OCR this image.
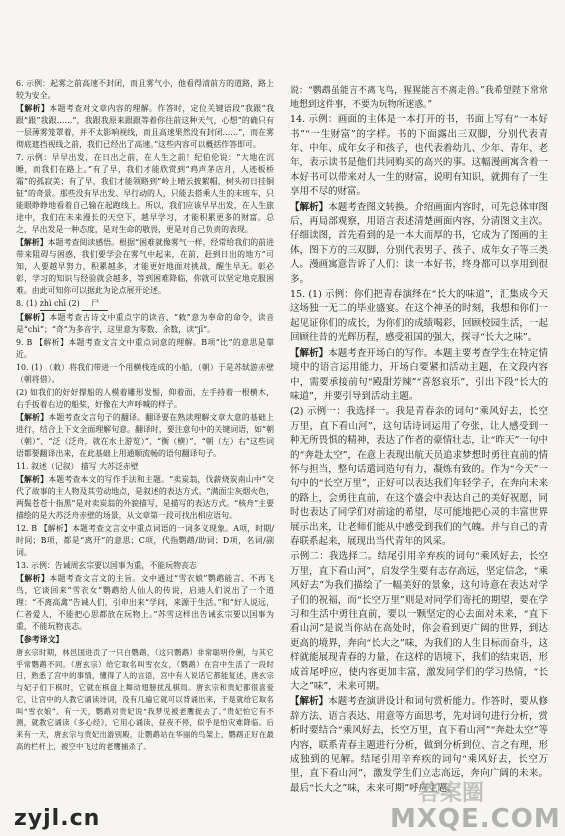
6. 示例：起雾之前高速不封闭，而且雾气小，他看得清前方的道路，路上较为安全。

【解析】本题考查对文章内容的理解。作答时，定位关键语段“我跟”我跟”跟”我跟……”，我跟我原来跟跟等着你往前这种天气，心想”的确只有一层薄雾笼罩着，并不太影响视线，而且高速果然没有封闭……”，而在雾彻底遮挡视线之前，我们已经出了高速。”这些内容可以概括作答即可。

7. 示例：早早出发，在日出之前，在人生之前！纪伯伦说：“大地在沉睡，而我们在路上。”有了早，我们才能欣赏到“鸡声茅店月，人迹板桥霜”的孤寂美；有了早，我们才能领略到“岭上晴云披絮帽，树头初日挂铜钲”的奇景。那些没有早出发、早行动的人，只能去搭乘人生的末班车，只能眼睁睁地看着自己输在起跑线上。所以，我们应该早早出发，在人生旅途中，我们在未来漫长的天空下，越早学习，才能积累更多的财富。总之，早出发是一种态度，是对生命的敬畏，更是对自己负责的表现。

【解析】本题考查阅读感悟。根据“困难就像雾气一样，经常给我们的前进带来阻碍与困惑，我们要学会在雾气中起来，在前，赶到日出的地方”可知，人要越早努力，积累越多，才能更好地面对挑战，醒生早无。彰必彰，学习的知识与经验就会越多，等到困难降临，你就可以坚定地克服困难。由此可知你可以据此为论点展开论述。

8. (1) zhì chī (2) 尸

【解析】本题考查古诗文中重点字的读音、“敕”意为奉命的命令，读音是“chì”；“奇”为多音字，这里意为零数、余数，读“jī”。

9. B 【解析】本题考查文言文中重点词意的理解。B项“比”的意思是靠近。

10. (1) （敕）将我们带进一个用横栈连成的小船，（朝）于是苏轼游赤壁（朝将借）。

(2) 如我们的好好撑船的人模着雕形发髻，仰着面，左手持着一根横木，右手扳着右边的船桨，好像在大声呼喊的样子。

【解析】本题考查文言句子的翻译。翻译要在熟读理解文章大意的基础上进行，结合上下文全面理解句意。翻译时，要注意句中的关键词语，如“朝（朝）”、“泛（泛舟，就在水上游览）”、“衡（横）”、“朝（左）右”这些词语都要翻译出来，在此基础上用通顺流畅的语句翻译句子。

11. 叙述（记叙） 描写 大苏泛赤壁

【解析】本题考查本文的写作手法和主题。“卖炭翁，伐薪烧炭南山中”交代了故事的主人物及其劳动地点，是叙述的表达方式。“满面尘灰烟火色，两鬓苍苍十指黑”是对卖炭翁的外貌描写，是描写的表达方式。“核舟”主要描绘的是大苏泛舟赤壁的场景，从文章第一段可找出相应语句。

12. B 【解析】本题考查文言文中重点词语的一词多义现象。A项，时期/时间；B项，都是“离开”的意思；C项，代指鹦鹉/助词；D项，名词/副词。

13. 示例：告诫周玄宗要以国事为重，不能玩物丧志

【解析】本题考查文言文的主旨。文中通过“雪衣娘”鹦鹉能言、不再飞鸟，它谈回来“雪衣女”鹦鹉给人仙人的传说，启迪人们说出了一个道理：“不离高禽”告诫人们，引申出来“学问，来源于生活。”和“好人说远，仁者爱人，不能把心思都放在玩物上。”苏雪这样出告诫玄宗要以国事为重，不能玩物丧志。

【参考译文】

唐玄宗时期，林邑国进贡了一只白鹦鹉，（这只鹦鹉）非常聪明伶俐，与其它乎常鹦鹉不同。（唐玄宗）给它取名叫雪衣女，（鹦鹉）在宫中生活了一段时日，熟悉了宫中的事情，懂得了人的言语，宫中有人说话它都能复述，唐玄宗与妃子们下棋时，它就在棋盘上舞动翅膀扰乱棋局。唐玄宗和贵妃都很喜爱它，让宫中的人教它诵读诗词，没有几遍它就可以背诵出来，于是就给它取名叫“雪衣娘”。有一天，鹦鹉对贵妃说“我梦见被老鹰捉去了。”贵妃怕它有不测，就教它诵读《多心经》，它用心诵读，昼夜不停，似乎是怕灾难降临。后来有一天，唐玄宗与贵妃出游别殿，让鹦鹉站在华丽的鸟架上，鹦鹉正好在最高的栏杆上，被空中飞过的老鹰捕杀了。

说：“鹦鹉虽能言不离飞鸟，猩猩能言不离走兽。”我希望陛下常常地想到这件事，不要为玩物所迷惑。”

14. 示例：画面的主体是一本打开的书，书面上写有“一本好书”“一生财富”的字样。书的下面露出三双脚，分别代表青年、中年、成年女子和孩子，也代表着幼儿、少年、青年、老年，表示读书是他们共同购买的高兴的事。这幅漫画寓含着一本好书可以带来对人一生的财富，说明有知识，就拥有了一生享用不尽的财富。

【解析】本题考查图文转换。介绍画面内容时，可先总体审图后，再局部观察，用语言表述清楚画面内容，分清图文主次。仔细读图，首先看到的是一本大而厚的书，它成为了图画的主体，图下方的三双脚，分别代表男子、孩子、成年女子等三类人。漫画寓意告诉了人们：读一本好书，终身都可以享用到很多。

15. (1) 示例：你们把青春演绎在“长大的味道”，汇集成今天这场独一无二的毕业盛宴。在这个神圣的时刻，我想和你们一起见证你们的成长，为你们的成绩喝彩，回顾校园生活，一起回顾往昔的光辉历程，感受祖国的强大，探寻“长大之味”。

【解析】本题考查开场白的写作。本题主要考查学生在特定情境中的语言运用能力，开场白要紧扣活动主题，在文段内容中，需要承接前句“殿甜芳辣”“喜怒哀乐”，引出下段“长大的味道”，并要引导到活动主题。

(2) 示例一：我选择一。我是青春亲的词句“乘风好去，长空万里，直下看山河”，这句话诗词运用了夸张，让人感受到一种无所畏惧的精神，表达了作者的豪情壮志，让“昨天”一句中的“奔赴太空”，在意上表现出航天员追求梦想时勇往直前的情怀与担当，整句话遣词造句有力，凝炼有致的。作为“今天”一句中的“长空万里”，正好可以表达我们年轻学子，在奔向未来的路上，会勇往直前，在这个盛会中表达自己的美好祝愿，同时也表达了同学们对前途的希望，尽可能地把心灵的丰富世界展示出来，让老师们能从中感受到我们的气魄。并与自己的青春联系起来，展现出当代青年的风采。

示例二：我选择二。结尾引用辛弃疾的词句“乘风好去，长空万里，直下看山河”，启发学生要有志存高远，坚定信念，“乘风好去”为我们描绘了一幅美好的景象，这句诗意在表达对学子们的祝福，而“长空万里”则是对同学们寄托的期望，要在学习和生活中勇往直前，要以一颗坚定的心去面对未来，“直下看山河”是说当你站在高处时，你会看到更广阔的世界，到达更高的境界，奔向“长大之”味，为我们的人生目标而奋斗，这样就能展现青春的力量，在这样的语境下，我们的结束语，形成首尾呼应，使内容更加丰富，激发同学们的学习热情，“长大之”味”，未来可期。

【解析】本题考查演讲设计和词句赏析能力。作答时，要从修辞方法、语言表达、用意等方面思考，先对词句进行分析，赏析时要结合“乘风好去，长空万里，直下看山河”“奔赴太空”等内容，联系青春主题进行分析，做到分析到位、言之有理，形成独到的见解。结尾引用辛弃疾的词句“乘风好去，长空万里，直下看山河”，激发学生们立志高远，奔向广阔的未来。最后“长大之”味，未来可期”呼应主题。

zyjl.cn
答案圈
MXQE.COM
